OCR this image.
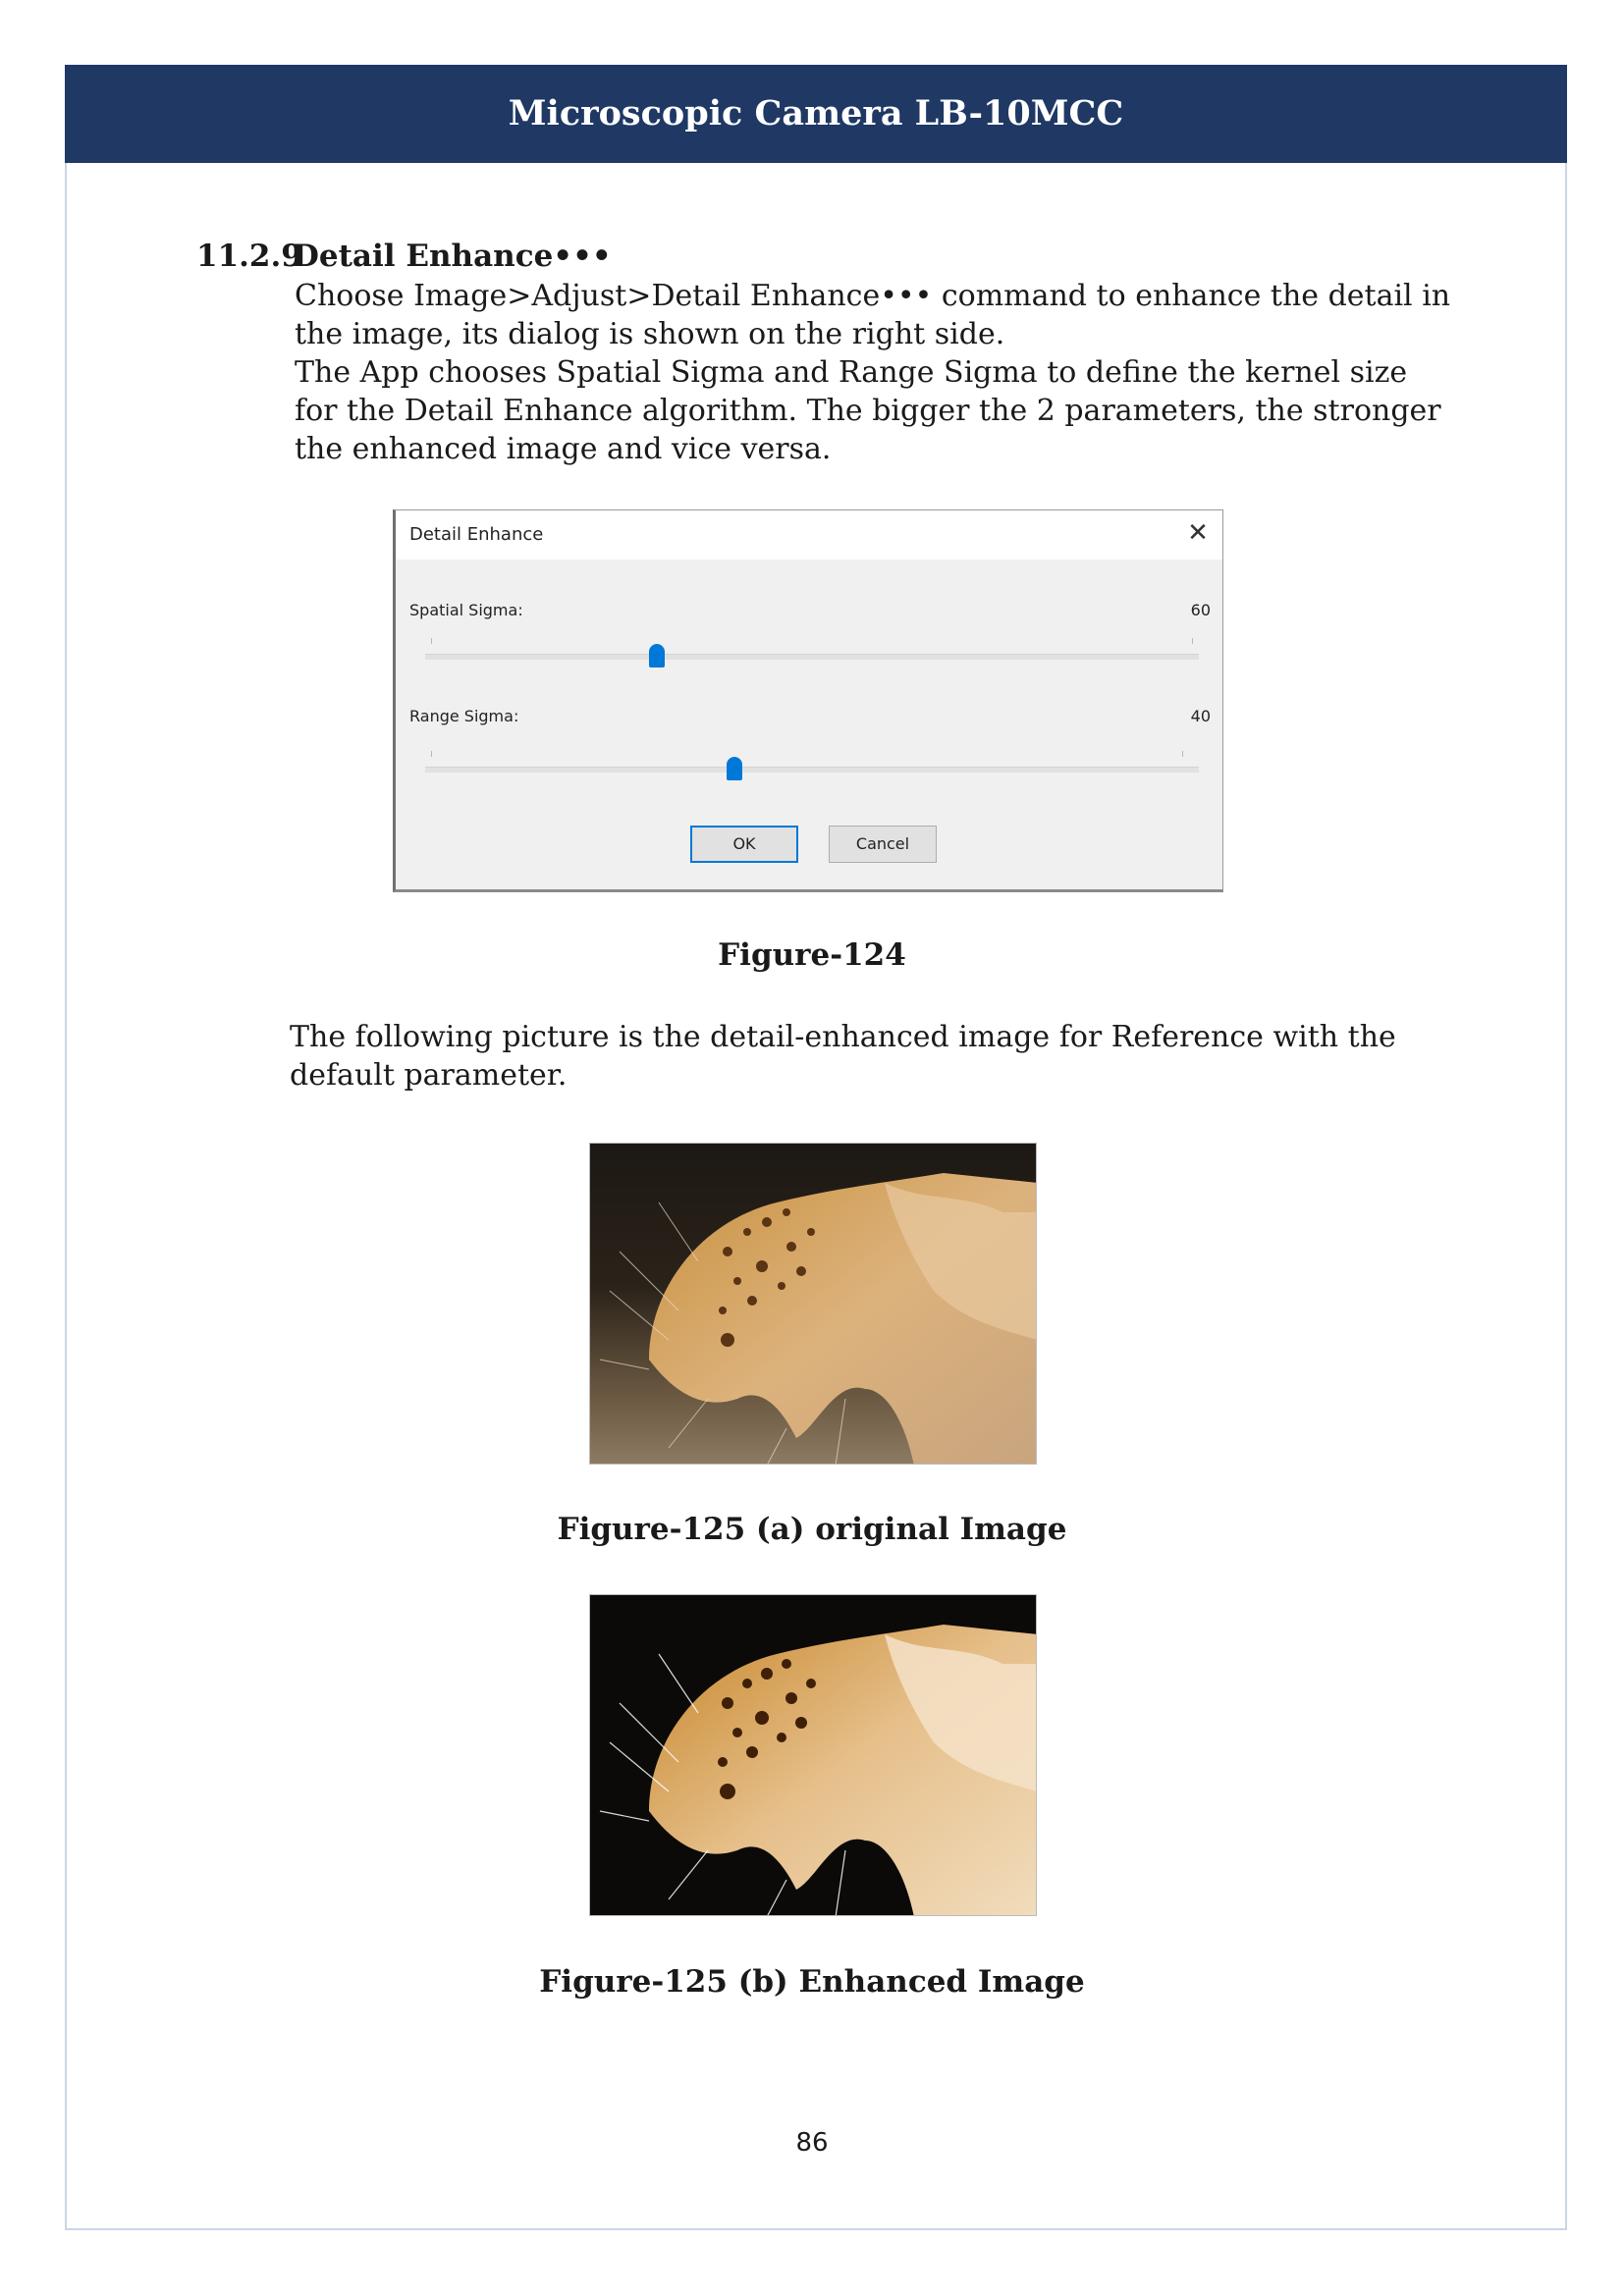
Microscopic Camera LB-10MCC
11.2.9Detail Enhance•••
Choose Image>Adjust>Detail Enhance••• command to enhance the detail in the image, its dialog is shown on the right side.
The App chooses Spatial Sigma and Range Sigma to define the kernel size for the Detail Enhance algorithm. The bigger the 2 parameters, the stronger the enhanced image and vice versa.
Detail Enhance	✕
Spatial Sigma:	60
Range Sigma:	40
OK	Cancel
Figure-124
The following picture is the detail-enhanced image for Reference with the default parameter.
Figure-125 (a) original Image
Figure-125 (b) Enhanced Image
86
